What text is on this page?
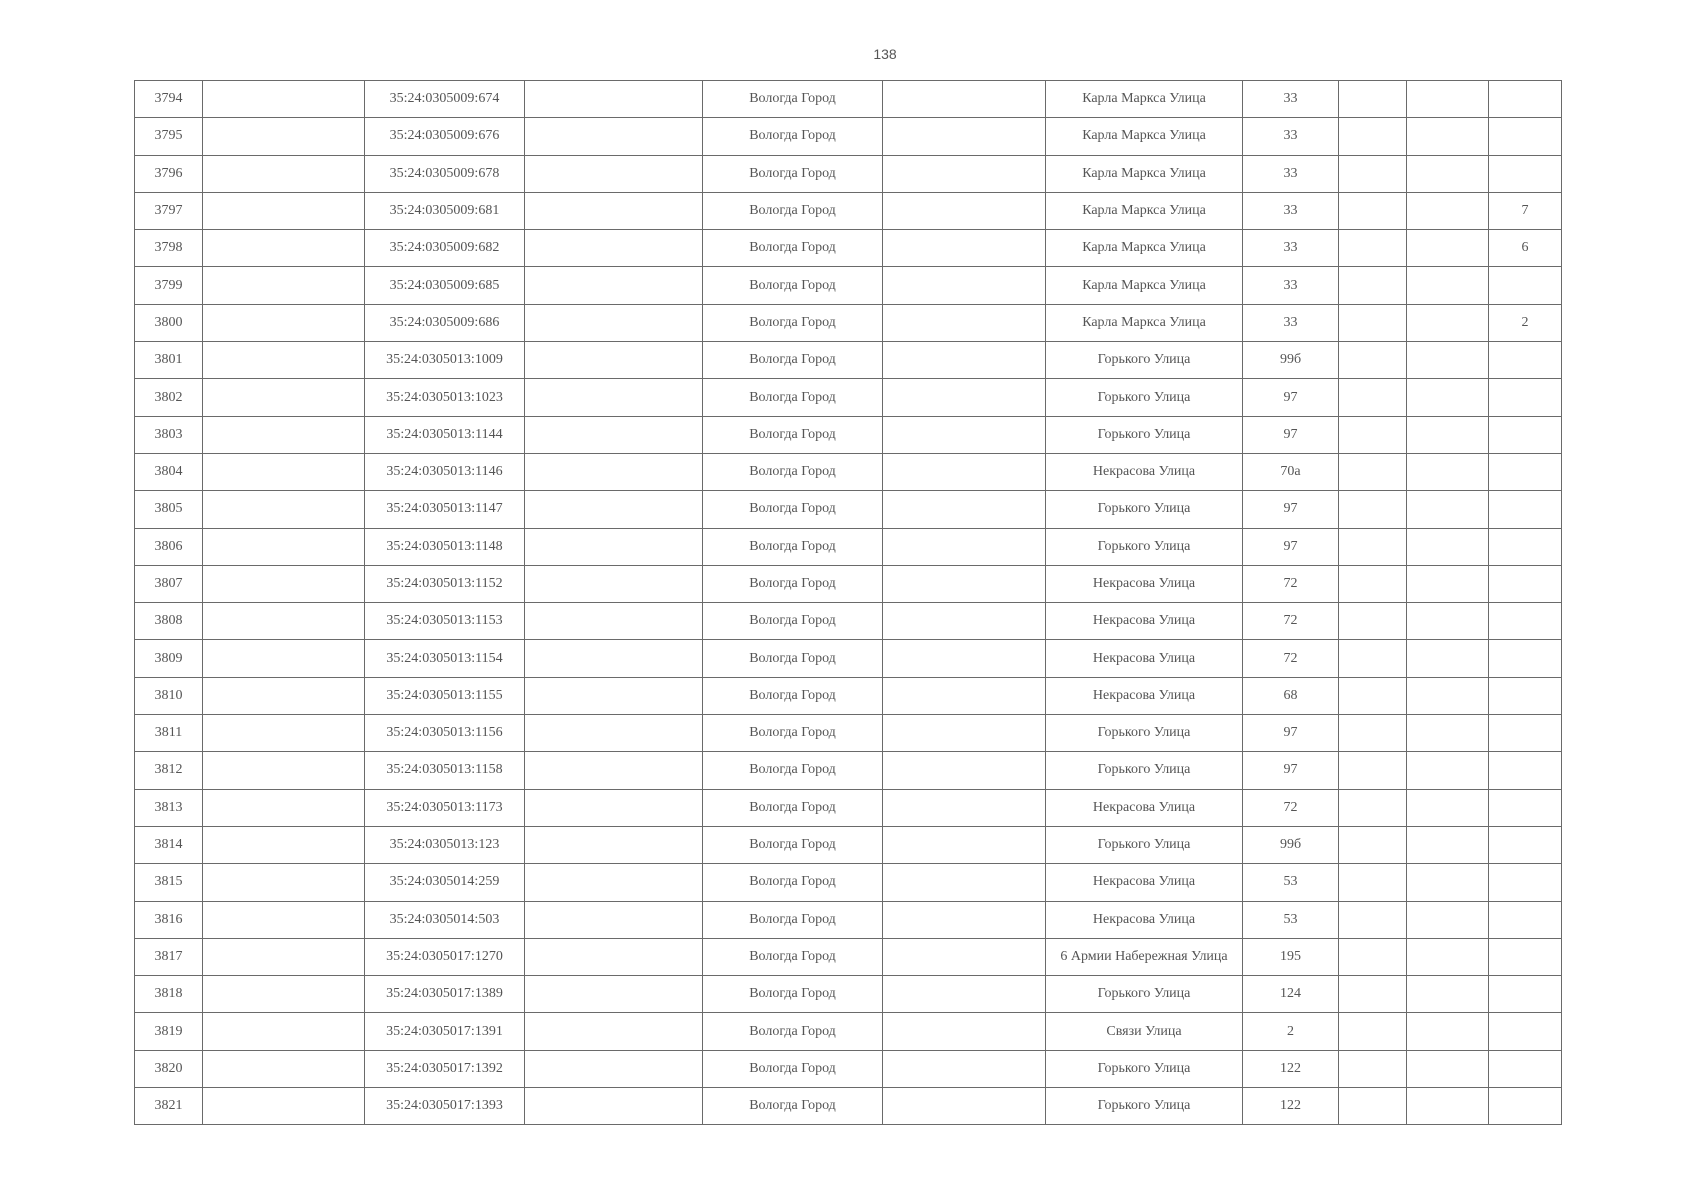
138
3794		35:24:0305009:674		Вологда Город		Карла Маркса Улица	33			
3795		35:24:0305009:676		Вологда Город		Карла Маркса Улица	33			
3796		35:24:0305009:678		Вологда Город		Карла Маркса Улица	33			
3797		35:24:0305009:681		Вологда Город		Карла Маркса Улица	33			7
3798		35:24:0305009:682		Вологда Город		Карла Маркса Улица	33			6
3799		35:24:0305009:685		Вологда Город		Карла Маркса Улица	33			
3800		35:24:0305009:686		Вологда Город		Карла Маркса Улица	33			2
3801		35:24:0305013:1009		Вологда Город		Горького Улица	99б			
3802		35:24:0305013:1023		Вологда Город		Горького Улица	97			
3803		35:24:0305013:1144		Вологда Город		Горького Улица	97			
3804		35:24:0305013:1146		Вологда Город		Некрасова Улица	70а			
3805		35:24:0305013:1147		Вологда Город		Горького Улица	97			
3806		35:24:0305013:1148		Вологда Город		Горького Улица	97			
3807		35:24:0305013:1152		Вологда Город		Некрасова Улица	72			
3808		35:24:0305013:1153		Вологда Город		Некрасова Улица	72			
3809		35:24:0305013:1154		Вологда Город		Некрасова Улица	72			
3810		35:24:0305013:1155		Вологда Город		Некрасова Улица	68			
3811		35:24:0305013:1156		Вологда Город		Горького Улица	97			
3812		35:24:0305013:1158		Вологда Город		Горького Улица	97			
3813		35:24:0305013:1173		Вологда Город		Некрасова Улица	72			
3814		35:24:0305013:123		Вологда Город		Горького Улица	99б			
3815		35:24:0305014:259		Вологда Город		Некрасова Улица	53			
3816		35:24:0305014:503		Вологда Город		Некрасова Улица	53			
3817		35:24:0305017:1270		Вологда Город		6 Армии Набережная Улица	195			
3818		35:24:0305017:1389		Вологда Город		Горького Улица	124			
3819		35:24:0305017:1391		Вологда Город		Связи Улица	2			
3820		35:24:0305017:1392		Вологда Город		Горького Улица	122			
3821		35:24:0305017:1393		Вологда Город		Горького Улица	122			
